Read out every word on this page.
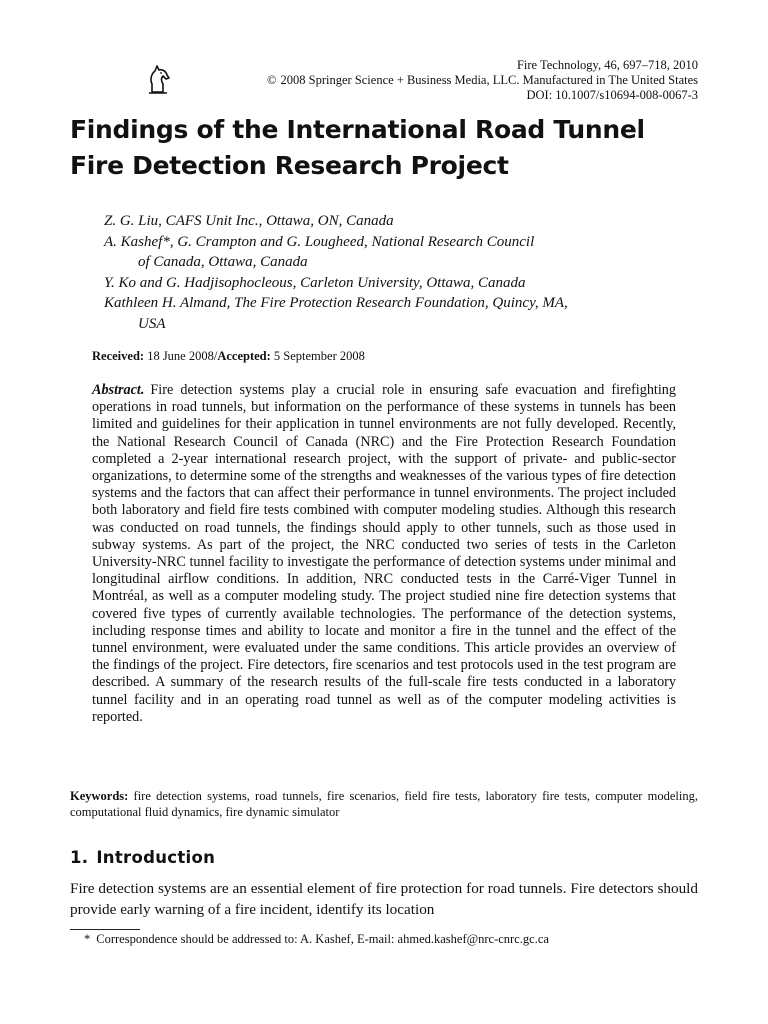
Fire Technology, 46, 697–718, 2010
© 2008 Springer Science + Business Media, LLC. Manufactured in The United States
DOI: 10.1007/s10694-008-0067-3
Findings of the International Road Tunnel
Fire Detection Research Project

Z. G. Liu, CAFS Unit Inc., Ottawa, ON, Canada

A. Kashef*, G. Crampton and G. Lougheed, National Research Council

of Canada, Ottawa, Canada

Y. Ko and G. Hadjisophocleous, Carleton University, Ottawa, Canada

Kathleen H. Almand, The Fire Protection Research Foundation, Quincy, MA,

USA

Received: 18 June 2008/Accepted: 5 September 2008

Abstract. Fire detection systems play a crucial role in ensuring safe evacuation and firefighting operations in road tunnels, but information on the performance of these systems in tunnels has been limited and guidelines for their application in tunnel environments are not fully developed. Recently, the National Research Council of Canada (NRC) and the Fire Protection Research Foundation completed a 2-year international research project, with the support of private- and public-sector organizations, to determine some of the strengths and weaknesses of the various types of fire detection systems and the factors that can affect their performance in tunnel environments. The project included both laboratory and field fire tests combined with computer modeling studies. Although this research was conducted on road tunnels, the findings should apply to other tunnels, such as those used in subway systems. As part of the project, the NRC conducted two series of tests in the Carleton University-NRC tunnel facility to investigate the performance of detection systems under minimal and longitudinal airflow conditions. In addition, NRC conducted tests in the Carré-Viger Tunnel in Montréal, as well as a computer modeling study. The project studied nine fire detection systems that covered five types of currently available technologies. The performance of the detection systems, including response times and ability to locate and monitor a fire in the tunnel and the effect of the tunnel environment, were evaluated under the same conditions. This article provides an overview of the findings of the project. Fire detectors, fire scenarios and test protocols used in the test program are described. A summary of the research results of the full-scale fire tests conducted in a laboratory tunnel facility and in an operating road tunnel as well as of the computer modeling activities is reported.

Keywords: fire detection systems, road tunnels, fire scenarios, field fire tests, laboratory fire tests, computer modeling, computational fluid dynamics, fire dynamic simulator

1. Introduction

Fire detection systems are an essential element of fire protection for road tunnels. Fire detectors should provide early warning of a fire incident, identify its location

* Correspondence should be addressed to: A. Kashef, E-mail: ahmed.kashef@nrc-cnrc.gc.ca
